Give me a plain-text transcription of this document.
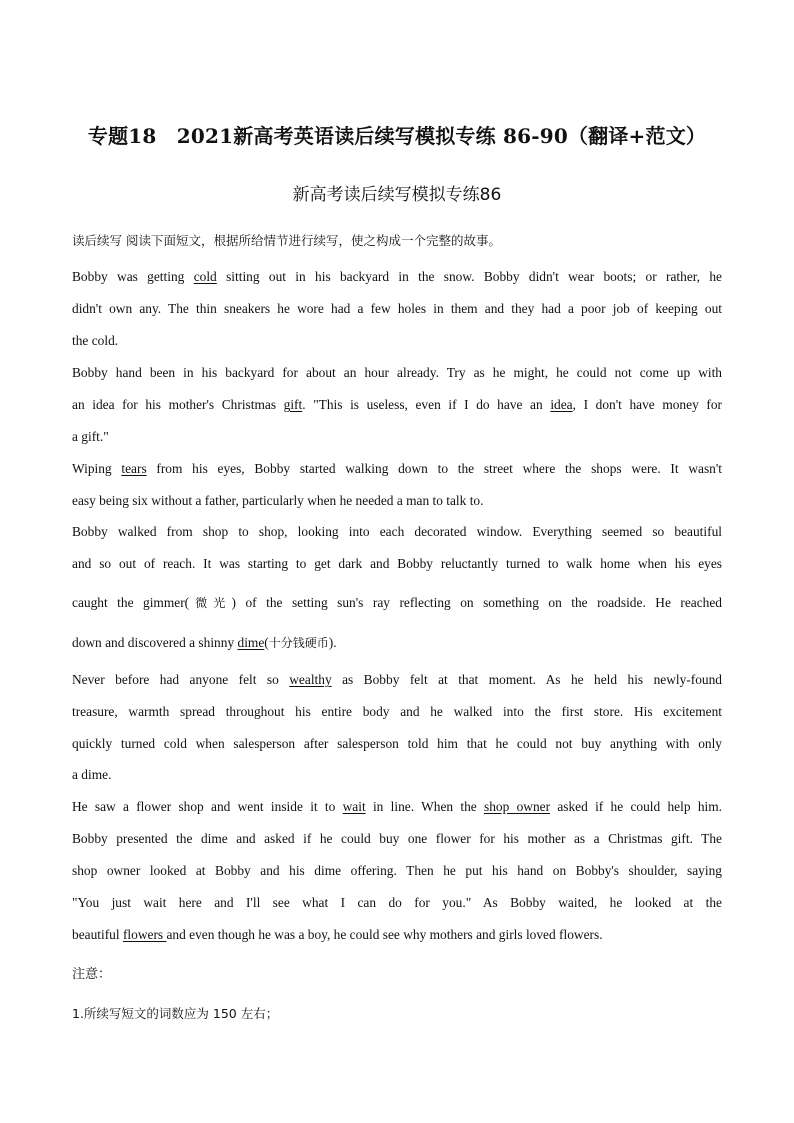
专题18　2021新高考英语读后续写模拟专练 86-90（翻译+范文）
新高考读后续写模拟专练86
读后续写 阅读下面短文，根据所给情节进行续写，使之构成一个完整的故事。
Bobby was getting cold sitting out in his backyard in the snow. Bobby didn't wear boots; or rather, he
didn't own any. The thin sneakers he wore had a few holes in them and they had a poor job of keeping out
the cold.
Bobby hand been in his backyard for about an hour already. Try as he might, he could not come up with
an idea for his mother's Christmas gift. "This is useless, even if I do have an idea, I don't have money for
a gift."
Wiping tears from his eyes, Bobby started walking down to the street where the shops were. It wasn't
easy being six without a father, particularly when he needed a man to talk to.
Bobby walked from shop to shop, looking into each decorated window. Everything seemed so beautiful
and so out of reach. It was starting to get dark and Bobby reluctantly turned to walk home when his eyes
caught the gimmer(微光) of the setting sun's ray reflecting on something on the roadside. He reached
down and discovered a shinny dime(十分钱硬币).
Never before had anyone felt so wealthy as Bobby felt at that moment. As he held his newly-found
treasure, warmth spread throughout his entire body and he walked into the first store. His excitement
quickly turned cold when salesperson after salesperson told him that he could not buy anything with only
a dime.
He saw a flower shop and went inside it to wait in line. When the shop owner asked if he could help him.
Bobby presented the dime and asked if he could buy one flower for his mother as a Christmas gift. The
shop owner looked at Bobby and his dime offering. Then he put his hand on Bobby's shoulder, saying
"You just wait here and I'll see what I can do for you." As Bobby waited, he looked at the
beautiful flowers and even though he was a boy, he could see why mothers and girls loved flowers.
注意：
1.所续写短文的词数应为 150 左右；
